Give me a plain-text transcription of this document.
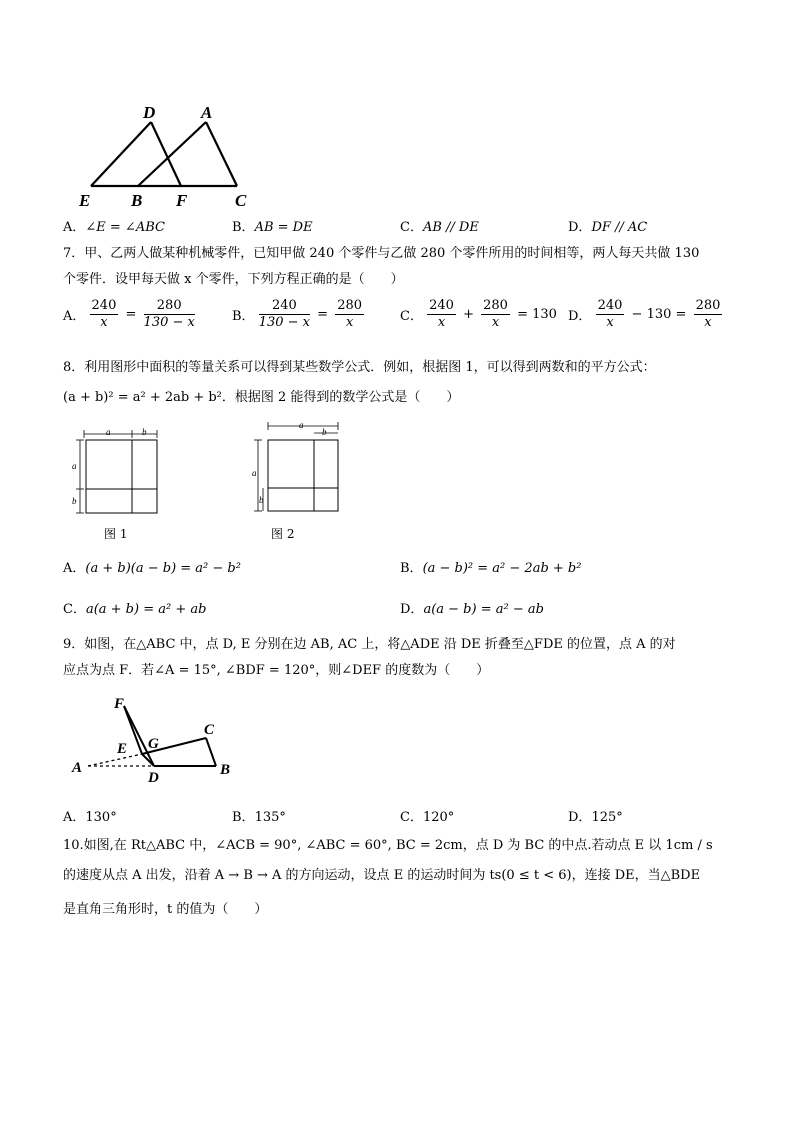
D	A
E B F	C
A．∠E = ∠ABC	B．AB = DE	C．AB // DE	D．DF // AC
7．甲、乙两人做某种机械零件，已知甲做 240 个零件与乙做 280 个零件所用的时间相等，两人每天共做 130
个零件．设甲每天做 x 个零件，下列方程正确的是（　　）
A． $\frac{240}{x} = \frac{280}{130 - x}$	B． $\frac{240}{130 - x} = \frac{280}{x}$	C． $\frac{240}{x} + \frac{280}{x} = 130$ D． $\frac{240}{x} - 130 = \frac{280}{x}$
8．利用图形中面积的等量关系可以得到某些数学公式．例如，根据图 1，可以得到两数和的平方公式：
(a + b)² = a² + 2ab + b²．根据图 2 能得到的数学公式是（　　）
a	b
a
b
图 1
a
b
a
b
图 2
A．(a + b)(a − b) = a² − b²	B．(a − b)² = a² − 2ab + b²
C．a(a + b) = a² + ab	D．a(a − b) = a² − ab
9．如图，在△ABC 中，点 D, E 分别在边 AB, AC 上，将△ADE 沿 DE 折叠至△FDE 的位置，点 A 的对
应点为点 F．若∠A = 15°, ∠BDF = 120°，则∠DEF 的度数为（　　）
F
C
E G
A
D	B
A．130°	B．135°	C．120°	D．125°
10.如图,在 Rt△ABC 中，∠ACB = 90°, ∠ABC = 60°, BC = 2cm，点 D 为 BC 的中点.若动点 E 以 1cm / s
的速度从点 A 出发，沿着 A → B → A 的方向运动，设点 E 的运动时间为 ts(0 ≤ t < 6)，连接 DE，当△BDE
是直角三角形时，t 的值为（　　）
